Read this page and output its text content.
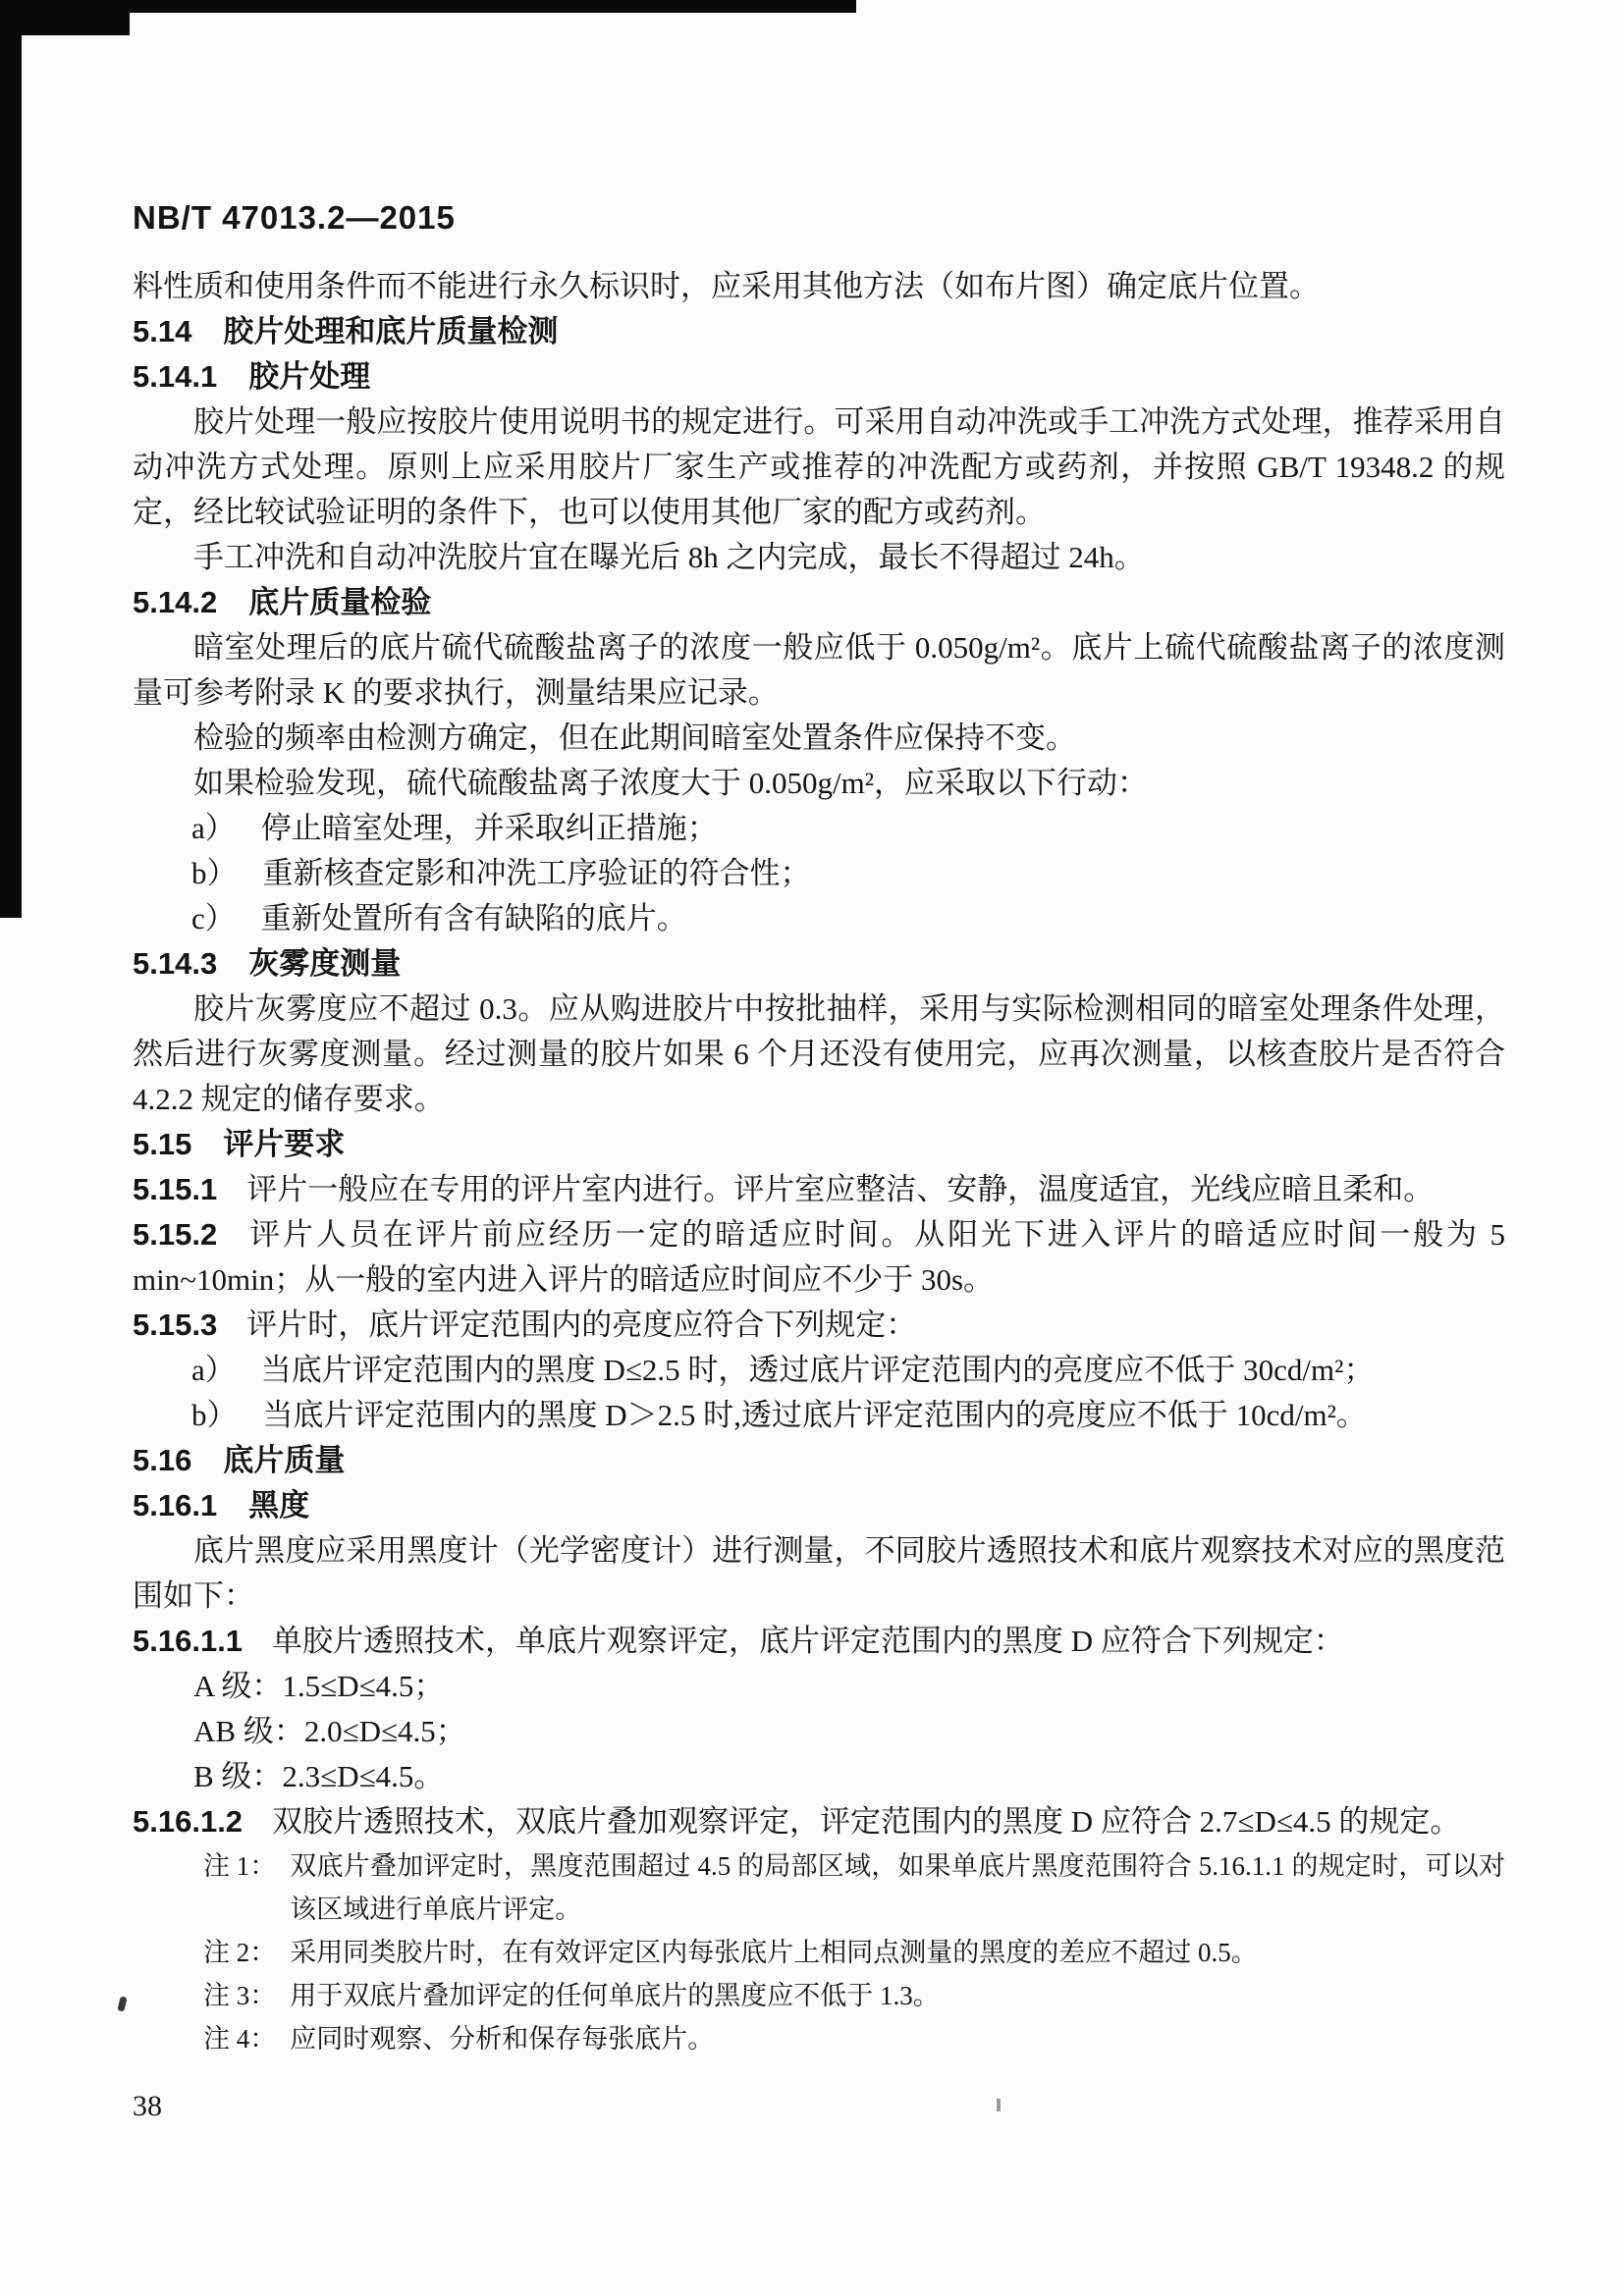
NB/T 47013.2—2015
料性质和使用条件而不能进行永久标识时，应采用其他方法（如布片图）确定底片位置。
5.14 胶片处理和底片质量检测
5.14.1 胶片处理
胶片处理一般应按胶片使用说明书的规定进行。可采用自动冲洗或手工冲洗方式处理，推荐采用自动冲洗方式处理。原则上应采用胶片厂家生产或推荐的冲洗配方或药剂，并按照 GB/T 19348.2 的规定，经比较试验证明的条件下，也可以使用其他厂家的配方或药剂。
手工冲洗和自动冲洗胶片宜在曝光后 8h 之内完成，最长不得超过 24h。
5.14.2 底片质量检验
暗室处理后的底片硫代硫酸盐离子的浓度一般应低于 0.050g/m²。底片上硫代硫酸盐离子的浓度测量可参考附录 K 的要求执行，测量结果应记录。
检验的频率由检测方确定，但在此期间暗室处置条件应保持不变。
如果检验发现，硫代硫酸盐离子浓度大于 0.050g/m²，应采取以下行动：
a） 停止暗室处理，并采取纠正措施；
b） 重新核查定影和冲洗工序验证的符合性；
c） 重新处置所有含有缺陷的底片。
5.14.3 灰雾度测量
胶片灰雾度应不超过 0.3。应从购进胶片中按批抽样，采用与实际检测相同的暗室处理条件处理，然后进行灰雾度测量。经过测量的胶片如果 6 个月还没有使用完，应再次测量，以核查胶片是否符合 4.2.2 规定的储存要求。
5.15 评片要求
5.15.1 评片一般应在专用的评片室内进行。评片室应整洁、安静，温度适宜，光线应暗且柔和。
5.15.2 评片人员在评片前应经历一定的暗适应时间。从阳光下进入评片的暗适应时间一般为 5 min~10min；从一般的室内进入评片的暗适应时间应不少于 30s。
5.15.3 评片时，底片评定范围内的亮度应符合下列规定：
a） 当底片评定范围内的黑度 D≤2.5 时，透过底片评定范围内的亮度应不低于 30cd/m²；
b） 当底片评定范围内的黑度 D＞2.5 时,透过底片评定范围内的亮度应不低于 10cd/m²。
5.16 底片质量
5.16.1 黑度
底片黑度应采用黑度计（光学密度计）进行测量，不同胶片透照技术和底片观察技术对应的黑度范围如下：
5.16.1.1 单胶片透照技术，单底片观察评定，底片评定范围内的黑度 D 应符合下列规定：
A 级：1.5≤D≤4.5；
AB 级：2.0≤D≤4.5；
B 级：2.3≤D≤4.5。
5.16.1.2 双胶片透照技术，双底片叠加观察评定，评定范围内的黑度 D 应符合 2.7≤D≤4.5 的规定。
注 1： 双底片叠加评定时，黑度范围超过 4.5 的局部区域，如果单底片黑度范围符合 5.16.1.1 的规定时，可以对该区域进行单底片评定。
注 2： 采用同类胶片时，在有效评定区内每张底片上相同点测量的黑度的差应不超过 0.5。
注 3： 用于双底片叠加评定的任何单底片的黑度应不低于 1.3。
注 4： 应同时观察、分析和保存每张底片。
38
